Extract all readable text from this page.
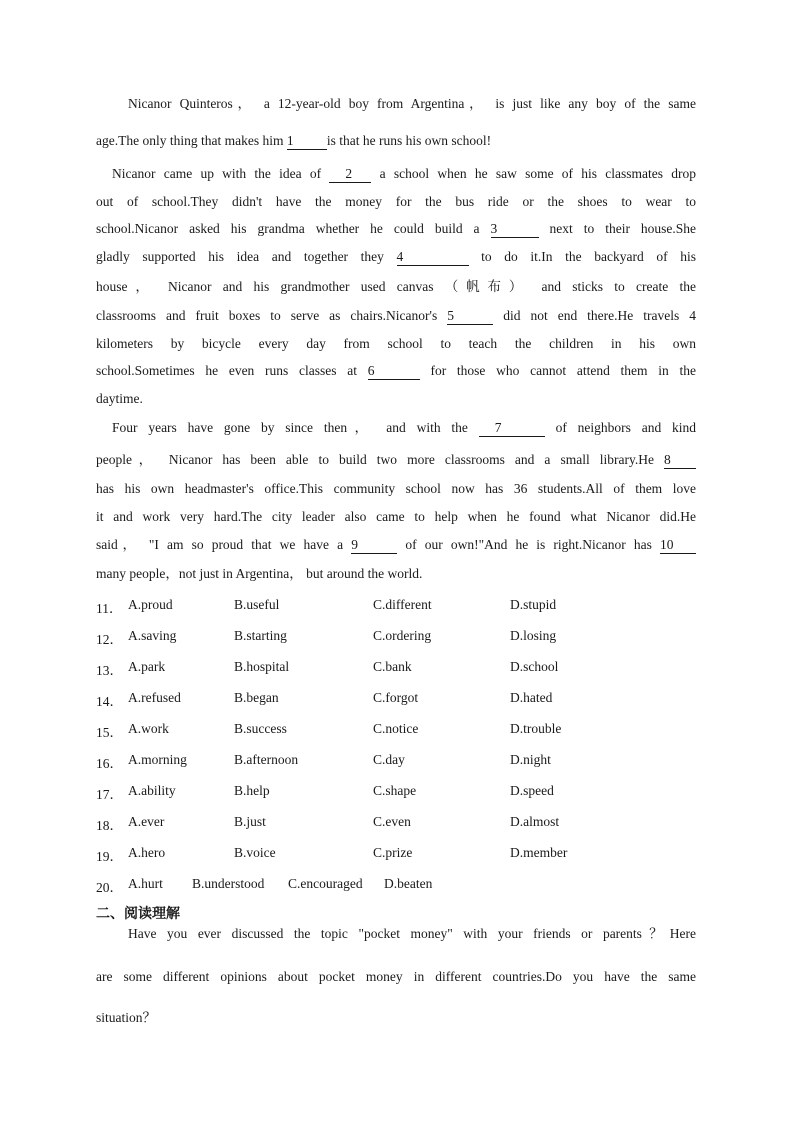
Nicanor Quinteros， a 12-year-old boy from Argentina， is just like any boy of the same

age.The only thing that makes him 1 is that he runs his own school!

Nicanor came up with the idea of 2 a school when he saw some of his classmates drop

out of school.They didn't have the money for the bus ride or the shoes to wear to

school.Nicanor asked his grandma whether he could build a 3	next to their house.She

gladly supported his idea and together they 4	to do it.In the backyard of his

house， Nicanor and his grandmother used canvas （帆布） and sticks to create the

classrooms and fruit boxes to serve as chairs.Nicanor's 5	did not end there.He travels 4

kilometers by bicycle every day from school to teach the children in his own

school.Sometimes he even runs classes at 6	for those who cannot attend them in the

daytime.

Four years have gone by since then， and with the 7	of neighbors and kind

people， Nicanor has been able to build two more classrooms and a small library.He 8

has his own headmaster's office.This community school now has 36 students.All of them love

it and work very hard.The city leader also came to help when he found what Nicanor did.He

said， "I am so proud that we have a 9	of our own!"And he is right.Nicanor has 10

many people，not just in Argentina， but around the world.

11． A.proud	B.useful	C.different	D.stupid
12． A.saving	B.starting	C.ordering	D.losing
13． A.park	B.hospital	C.bank	D.school
14． A.refused	B.began	C.forgot	D.hated
15． A.work	B.success	C.notice	D.trouble
16． A.morning	B.afternoon	C.day	D.night
17． A.ability	B.help	C.shape	D.speed
18． A.ever	B.just	C.even	D.almost
19． A.hero	B.voice	C.prize	D.member
20． A.hurt B.understood C.encouraged D.beaten
二、阅读理解

Have you ever discussed the topic "pocket money" with your friends or parents？Here

are some different opinions about pocket money in different countries.Do you have the same

situation？
